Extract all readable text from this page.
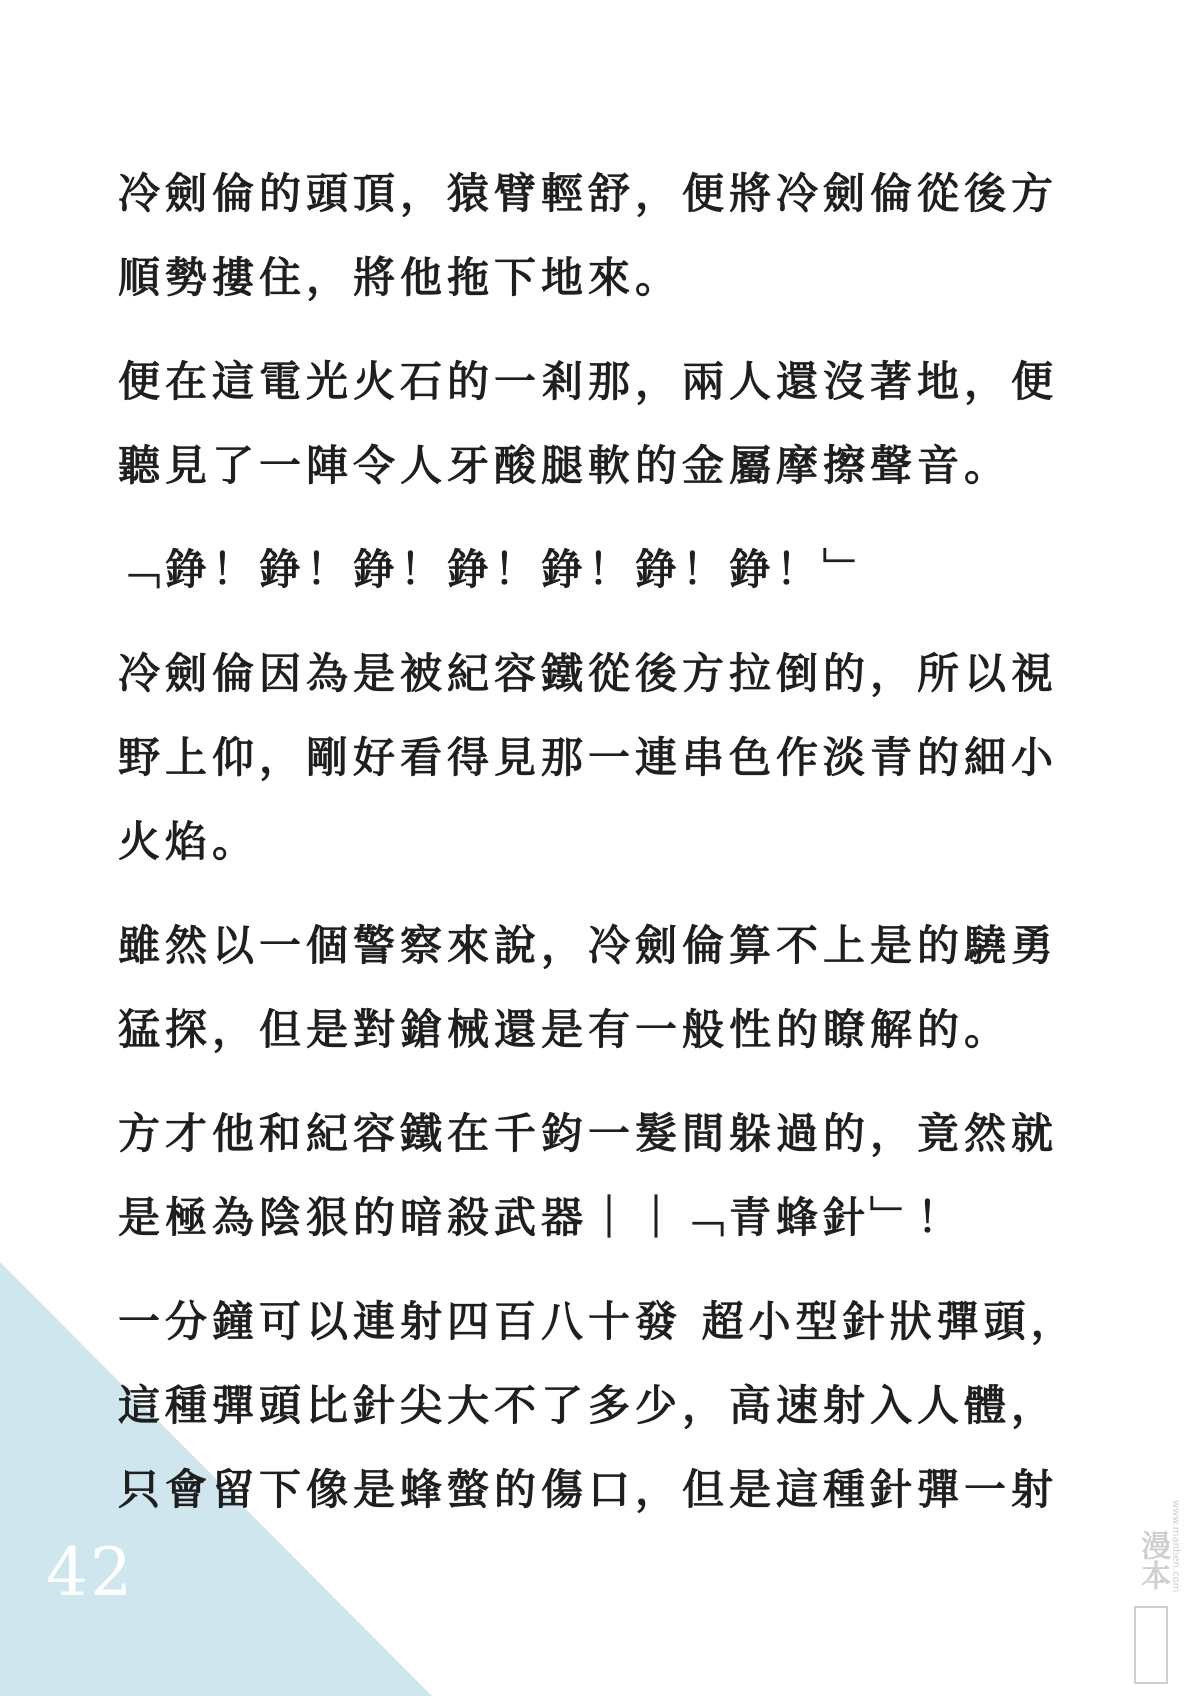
42
冷劍倫的頭頂，猿臂輕舒，便將冷劍倫從後方
順勢摟住，將他拖下地來。
便在這電光火石的一剎那，兩人還沒著地，便
聽見了一陣令人牙酸腿軟的金屬摩擦聲音。
﹁錚！錚！錚！錚！錚！錚！錚！﹂
冷劍倫因為是被紀容鐵從後方拉倒的，所以視
野上仰，剛好看得見那一連串色作淡青的細小
火焰。
雖然以一個警察來說，冷劍倫算不上是的驍勇
猛探，但是對鎗械還是有一般性的瞭解的。
方才他和紀容鐵在千鈞一髮間躲過的，竟然就
是極為陰狠的暗殺武器｜｜﹁青蜂針﹂！
一分鐘可以連射四百八十發 超小型針狀彈頭，
這種彈頭比針尖大不了多少，高速射入人體，
只會留下像是蜂螫的傷口，但是這種針彈一射
www.manben.com
漫本
